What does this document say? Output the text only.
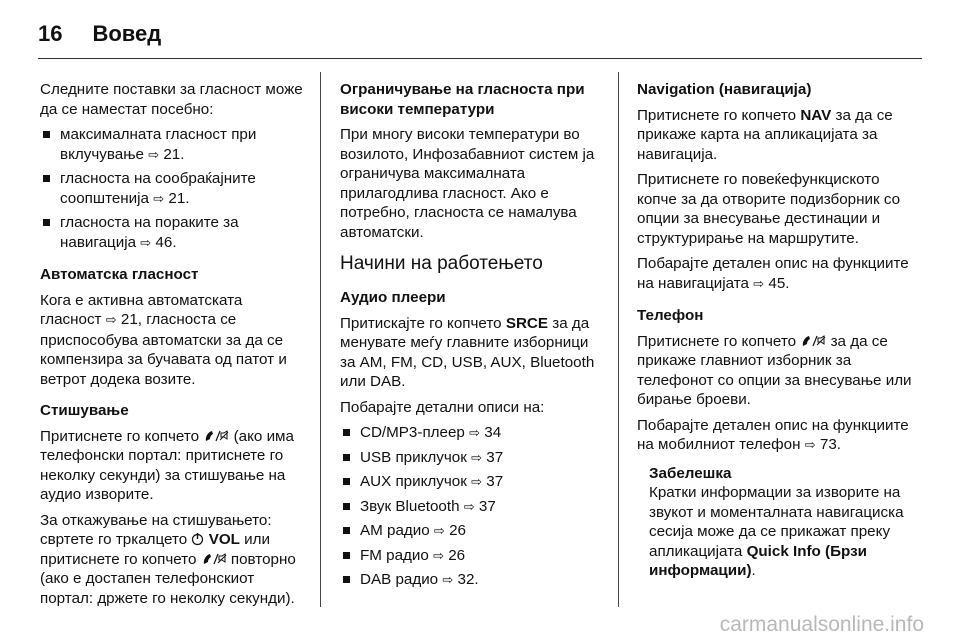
16 Вовед

Следните поставки за гласност може да се наместат посебно:

максималната гласност при вклучување ⇨ 21.
гласноста на сообраќајните соопштенија ⇨ 21.
гласноста на пораките за навигација ⇨ 46.

Автоматска гласност

Кога е активна автоматската гласност ⇨ 21, гласноста се приспособува автоматски за да се компензира за бучавата од патот и ветрот додека возите.

Стишување

Притиснете го копчето (ако има телефонски портал: притиснете го неколку секунди) за стишување на аудио изворите.

За откажување на стишувањето: свртете го тркалцето VOL или притиснете го копчето повторно (ако е достапен телефонскиот портал: држете го неколку секунди).

Ограничување на гласноста при високи температури

При многу високи температури во возилото, Инфозабавниот систем ја ограничува максималната прилагодлива гласност. Ако е потребно, гласноста се намалува автоматски.

Начини на работењето

Аудио плеери

Притискајте го копчето SRCE за да менувате меѓу главните изборници за AM, FM, CD, USB, AUX, Bluetooth или DAB.

Побарајте детални описи на:

CD/MP3-плеер ⇨ 34
USB приклучок ⇨ 37
AUX приклучок ⇨ 37
Звук Bluetooth ⇨ 37
AM радио ⇨ 26
FM радио ⇨ 26
DAB радио ⇨ 32.

Navigation (навигација)

Притиснете го копчето NAV за да се прикаже карта на апликацијата за навигација.

Притиснете го повеќефункциското копче за да отворите подизборник со опции за внесување дестинации и структурирање на маршрутите.

Побарајте детален опис на функциите на навигацијата ⇨ 45.

Телефон

Притиснете го копчето за да се прикаже главниот изборник за телефонот со опции за внесување или бирање броеви.

Побарајте детален опис на функциите на мобилниот телефон ⇨ 73.

Забелешка

Кратки информации за изворите на звукот и моменталната навигациска сесија може да се прикажат преку апликацијата Quick Info (Брзи информации).

carmanualsonline.info
